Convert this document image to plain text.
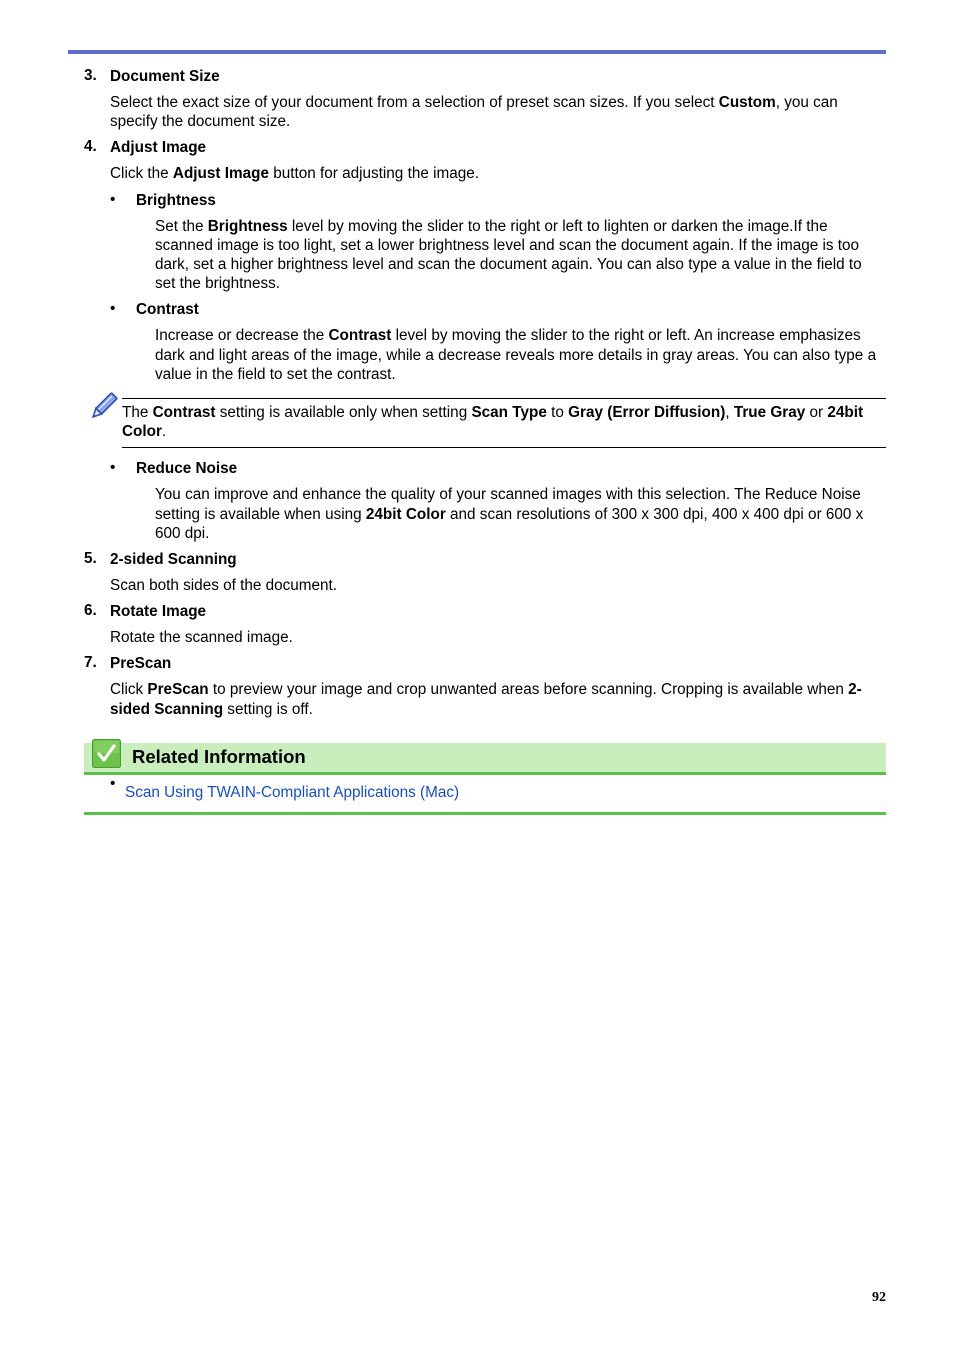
3. Document Size

Select the exact size of your document from a selection of preset scan sizes. If you select Custom, you can specify the document size.

4. Adjust Image

Click the Adjust Image button for adjusting the image.

• Brightness

Set the Brightness level by moving the slider to the right or left to lighten or darken the image.If the scanned image is too light, set a lower brightness level and scan the document again. If the image is too dark, set a higher brightness level and scan the document again. You can also type a value in the field to set the brightness.

• Contrast

Increase or decrease the Contrast level by moving the slider to the right or left. An increase emphasizes dark and light areas of the image, while a decrease reveals more details in gray areas. You can also type a value in the field to set the contrast.

The Contrast setting is available only when setting Scan Type to Gray (Error Diffusion), True Gray or 24bit Color.

• Reduce Noise

You can improve and enhance the quality of your scanned images with this selection. The Reduce Noise setting is available when using 24bit Color and scan resolutions of 300 x 300 dpi, 400 x 400 dpi or 600 x 600 dpi.

5. 2-sided Scanning

Scan both sides of the document.

6. Rotate Image

Rotate the scanned image.

7. PreScan

Click PreScan to preview your image and crop unwanted areas before scanning. Cropping is available when 2-sided Scanning setting is off.

Related Information
•
Scan Using TWAIN-Compliant Applications (Mac)
92
